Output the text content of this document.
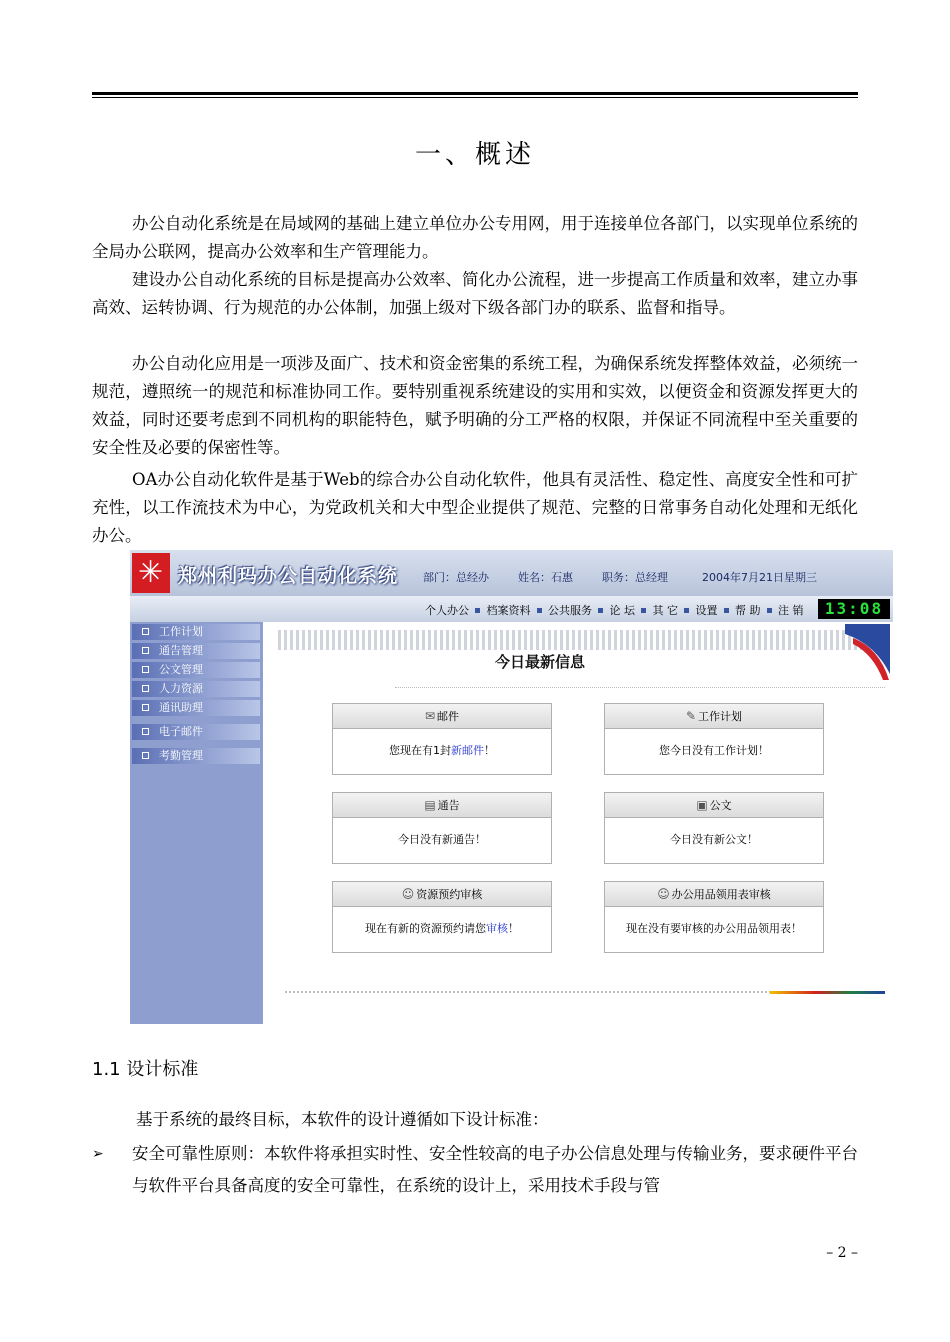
一、概述
办公自动化系统是在局域网的基础上建立单位办公专用网，用于连接单位各部门，以实现单位系统的全局办公联网，提高办公效率和生产管理能力。
建设办公自动化系统的目标是提高办公效率、简化办公流程，进一步提高工作质量和效率，建立办事高效、运转协调、行为规范的办公体制，加强上级对下级各部门办的联系、监督和指导。
办公自动化应用是一项涉及面广、技术和资金密集的系统工程，为确保系统发挥整体效益，必须统一规范，遵照统一的规范和标准协同工作。要特别重视系统建设的实用和实效，以便资金和资源发挥更大的效益，同时还要考虑到不同机构的职能特色，赋予明确的分工严格的权限，并保证不同流程中至关重要的安全性及必要的保密性等。
OA办公自动化软件是基于Web的综合办公自动化软件，他具有灵活性、稳定性、高度安全性和可扩充性，以工作流技术为中心，为党政机关和大中型企业提供了规范、完整的日常事务自动化处理和无纸化办公。
✳ 郑州利玛办公自动化系统 部门：总经办	姓名：石惠	职务：总经理	2004年7月21日星期三
个人办公 档案资料 公共服务 论 坛 其 它 设置 帮 助 注 销	13:08
工作计划
通告管理
公文管理
人力资源
通讯助理
电子邮件
考勤管理
今日最新信息
✉ 邮件
您现在有1封新邮件！
✎ 工作计划
您今日没有工作计划！
▤ 通告
今日没有新通告！
▣ 公文
今日没有新公文！
☺ 资源预约审核
现在有新的资源预约请您审核！
☺ 办公用品领用表审核
现在没有要审核的办公用品领用表！
1.1 设计标准
基于系统的最终目标，本软件的设计遵循如下设计标准：
➢ 安全可靠性原则：本软件将承担实时性、安全性较高的电子办公信息处理与传输业务，要求硬件平台与软件平台具备高度的安全可靠性，在系统的设计上，采用技术手段与管
– 2 –
